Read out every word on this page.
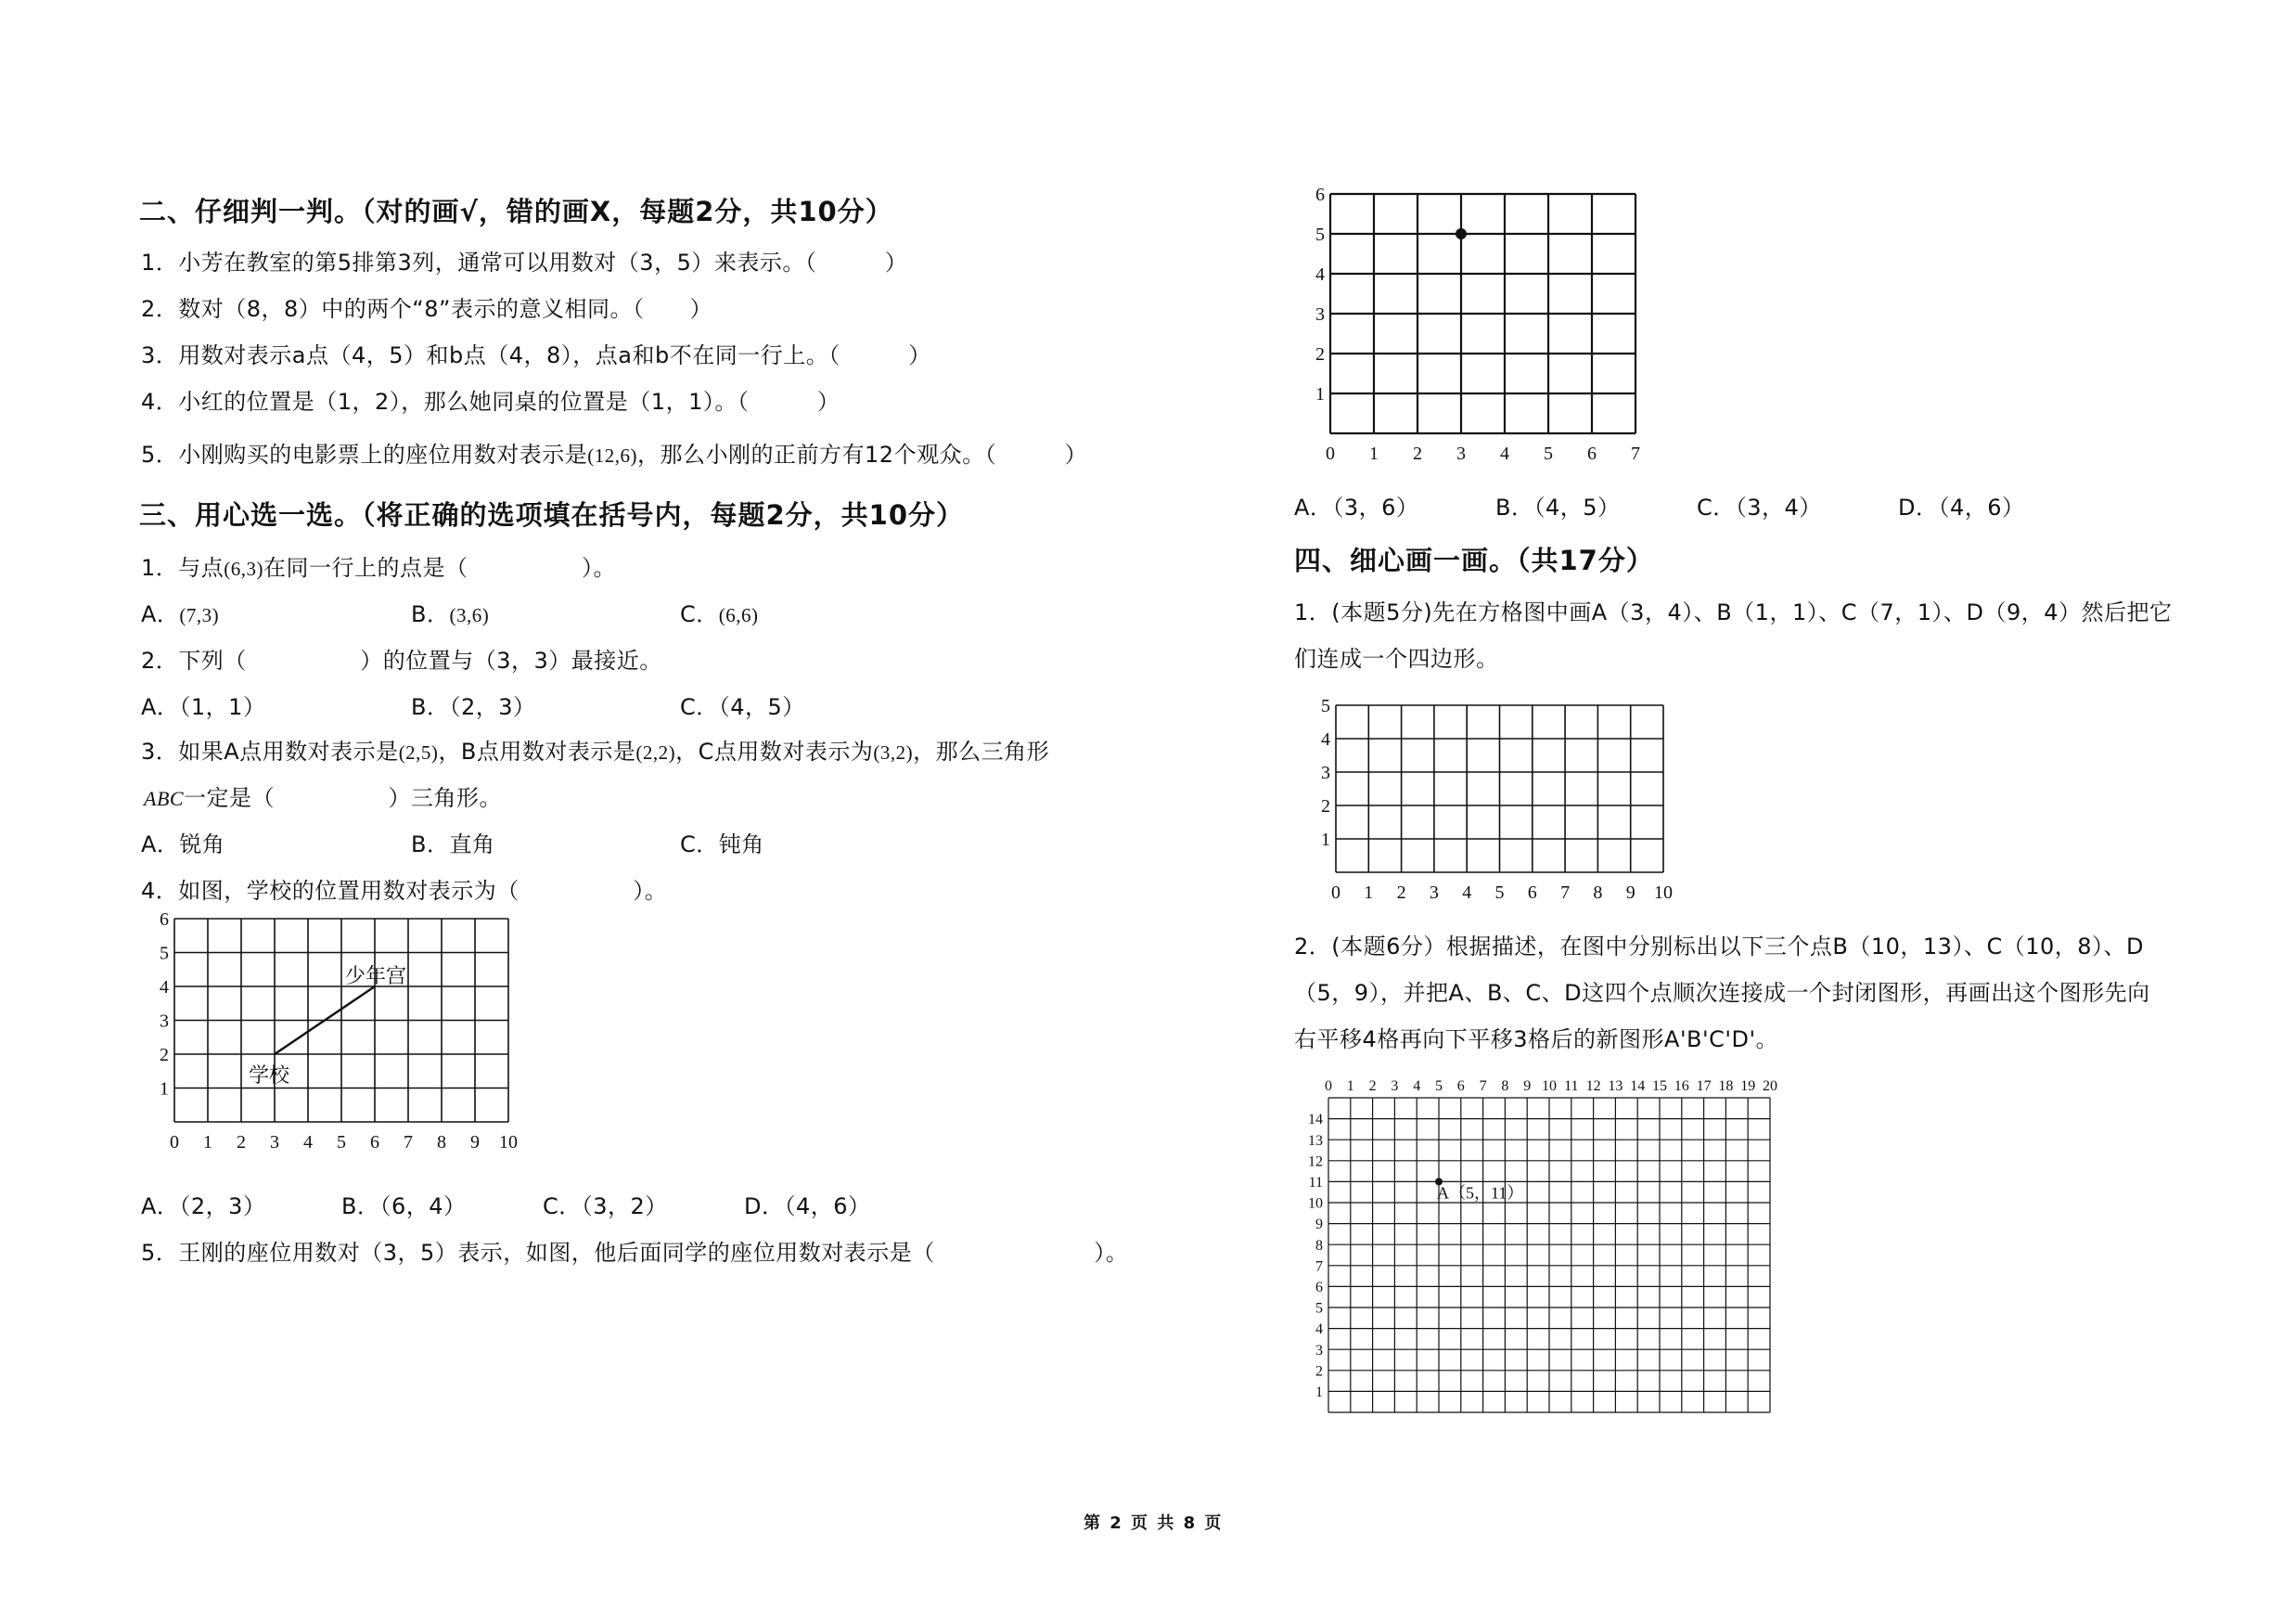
二、仔细判一判。（对的画√，错的画X，每题2分，共10分）
1．小芳在教室的第5排第3列，通常可以用数对（3，5）来表示。（　　　）
2．数对（8，8）中的两个“8”表示的意义相同。（　　）
3．用数对表示a点（4，5）和b点（4，8），点a和b不在同一行上。（　　　）
4．小红的位置是（1，2），那么她同桌的位置是（1，1）。（　　　）
5．小刚购买的电影票上的座位用数对表示是(12,6)，那么小刚的正前方有12个观众。（　　　）
三、用心选一选。（将正确的选项填在括号内，每题2分，共10分）
1．与点(6,3)在同一行上的点是（　　　　　）。
A．(7,3)	B．(3,6)	C．(6,6)
2．下列（　　　　　）的位置与（3，3）最接近。
A．（1，1）	B．（2，3）	C．（4，5）
3．如果A点用数对表示是(2,5)，B点用数对表示是(2,2)，C点用数对表示为(3,2)，那么三角形
ABC一定是（　　　　　）三角形。
A．锐角	B．直角	C．钝角
4．如图，学校的位置用数对表示为（　　　　　）。
0 1 2 3 4 5 6 7 8 9 10
1
2
3
4
5
6
学校
少年宫
A．（2，3）	B．（6，4）	C．（3，2）	D．（4，6）
5．王刚的座位用数对（3，5）表示，如图，他后面同学的座位用数对表示是（　　　　　　　）。
0 1 2 3 4 5 6 7
1
2
3
4
5
6
A．（3，6）	B．（4，5）	C．（3，4）	D．（4，6）
四、细心画一画。（共17分）
1．(本题5分)先在方格图中画A（3，4）、B（1，1）、C（7，1）、D（9，4）然后把它
们连成一个四边形。
0 1 2 3 4 5 6 7 8 9 10
1
2
3
4
5
2．(本题6分）根据描述，在图中分别标出以下三个点B（10，13）、C（10，8）、D
（5，9），并把A、B、C、D这四个点顺次连接成一个封闭图形，再画出这个图形先向
右平移4格再向下平移3格后的新图形A'B'C'D'。
0 1 2 3 4 5 6 7 8 9 10 11 12 13 14 15 16 17 18 19 20
1
2
3
4
5
6
7
8
9
10
11
12
13
14
A（5，11）
第 2 页 共 8 页
